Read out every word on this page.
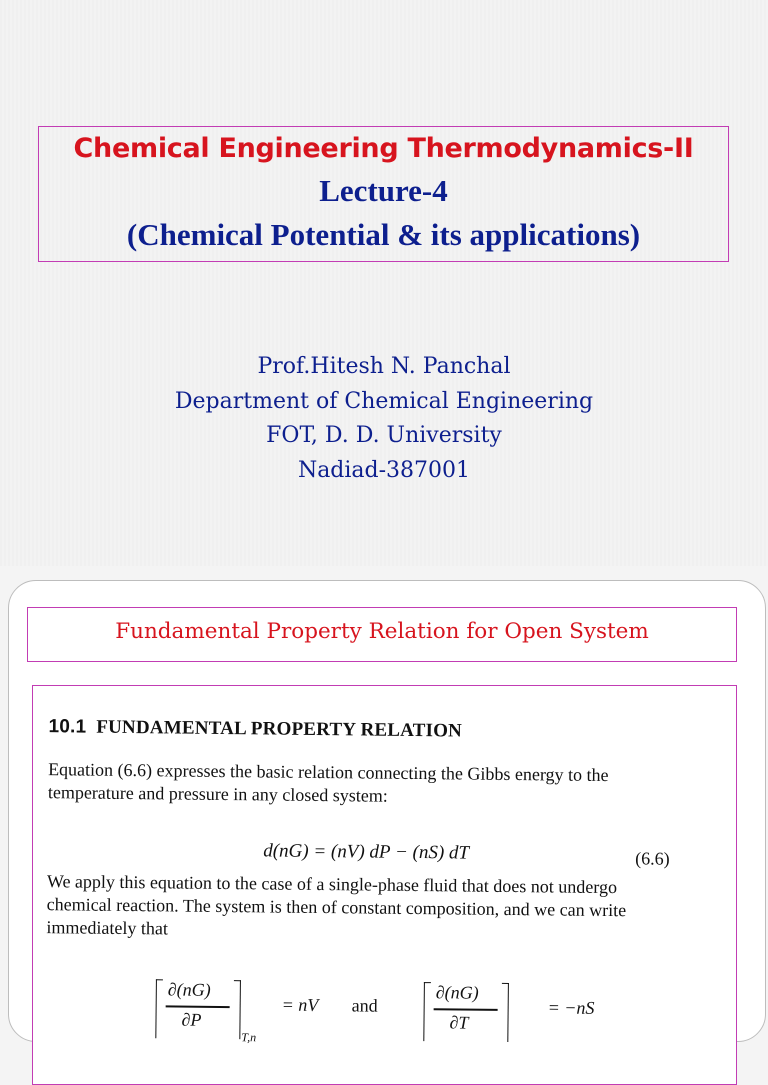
Chemical Engineering Thermodynamics-II
Lecture-4
(Chemical Potential & its applications)
Prof.Hitesh N. Panchal
Department of Chemical Engineering
FOT, D. D. University
Nadiad-387001
Fundamental Property Relation for Open System
10.1 FUNDAMENTAL PROPERTY RELATION
Equation (6.6) expresses the basic relation connecting the Gibbs energy to the
temperature and pressure in any closed system:
d(nG) = (nV) dP − (nS) dT	(6.6)
We apply this equation to the case of a single-phase fluid that does not undergo
chemical reaction. The system is then of constant composition, and we can write
immediately that
∂(nG)
∂P
T,n
= nV and
∂(nG)
∂T
= −nS
